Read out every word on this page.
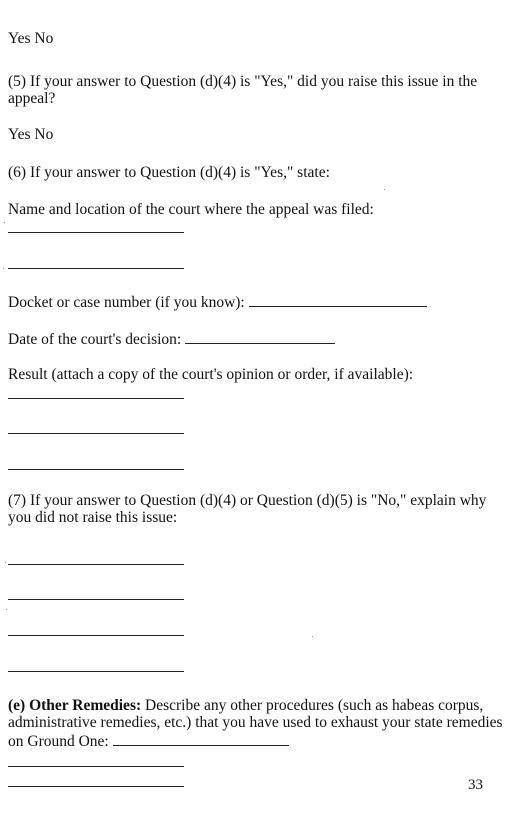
Yes No
(5) If your answer to Question (d)(4) is "Yes," did you raise this issue in the appeal?
Yes No
(6) If your answer to Question (d)(4) is "Yes," state:
Name and location of the court where the appeal was filed:
Docket or case number (if you know):
Date of the court's decision:
Result (attach a copy of the court's opinion or order, if available):
(7) If your answer to Question (d)(4) or Question (d)(5) is "No," explain why you did not raise this issue:
(e) Other Remedies: Describe any other procedures (such as habeas corpus, administrative remedies, etc.) that you have used to exhaust your state remedies on Ground One:
33
